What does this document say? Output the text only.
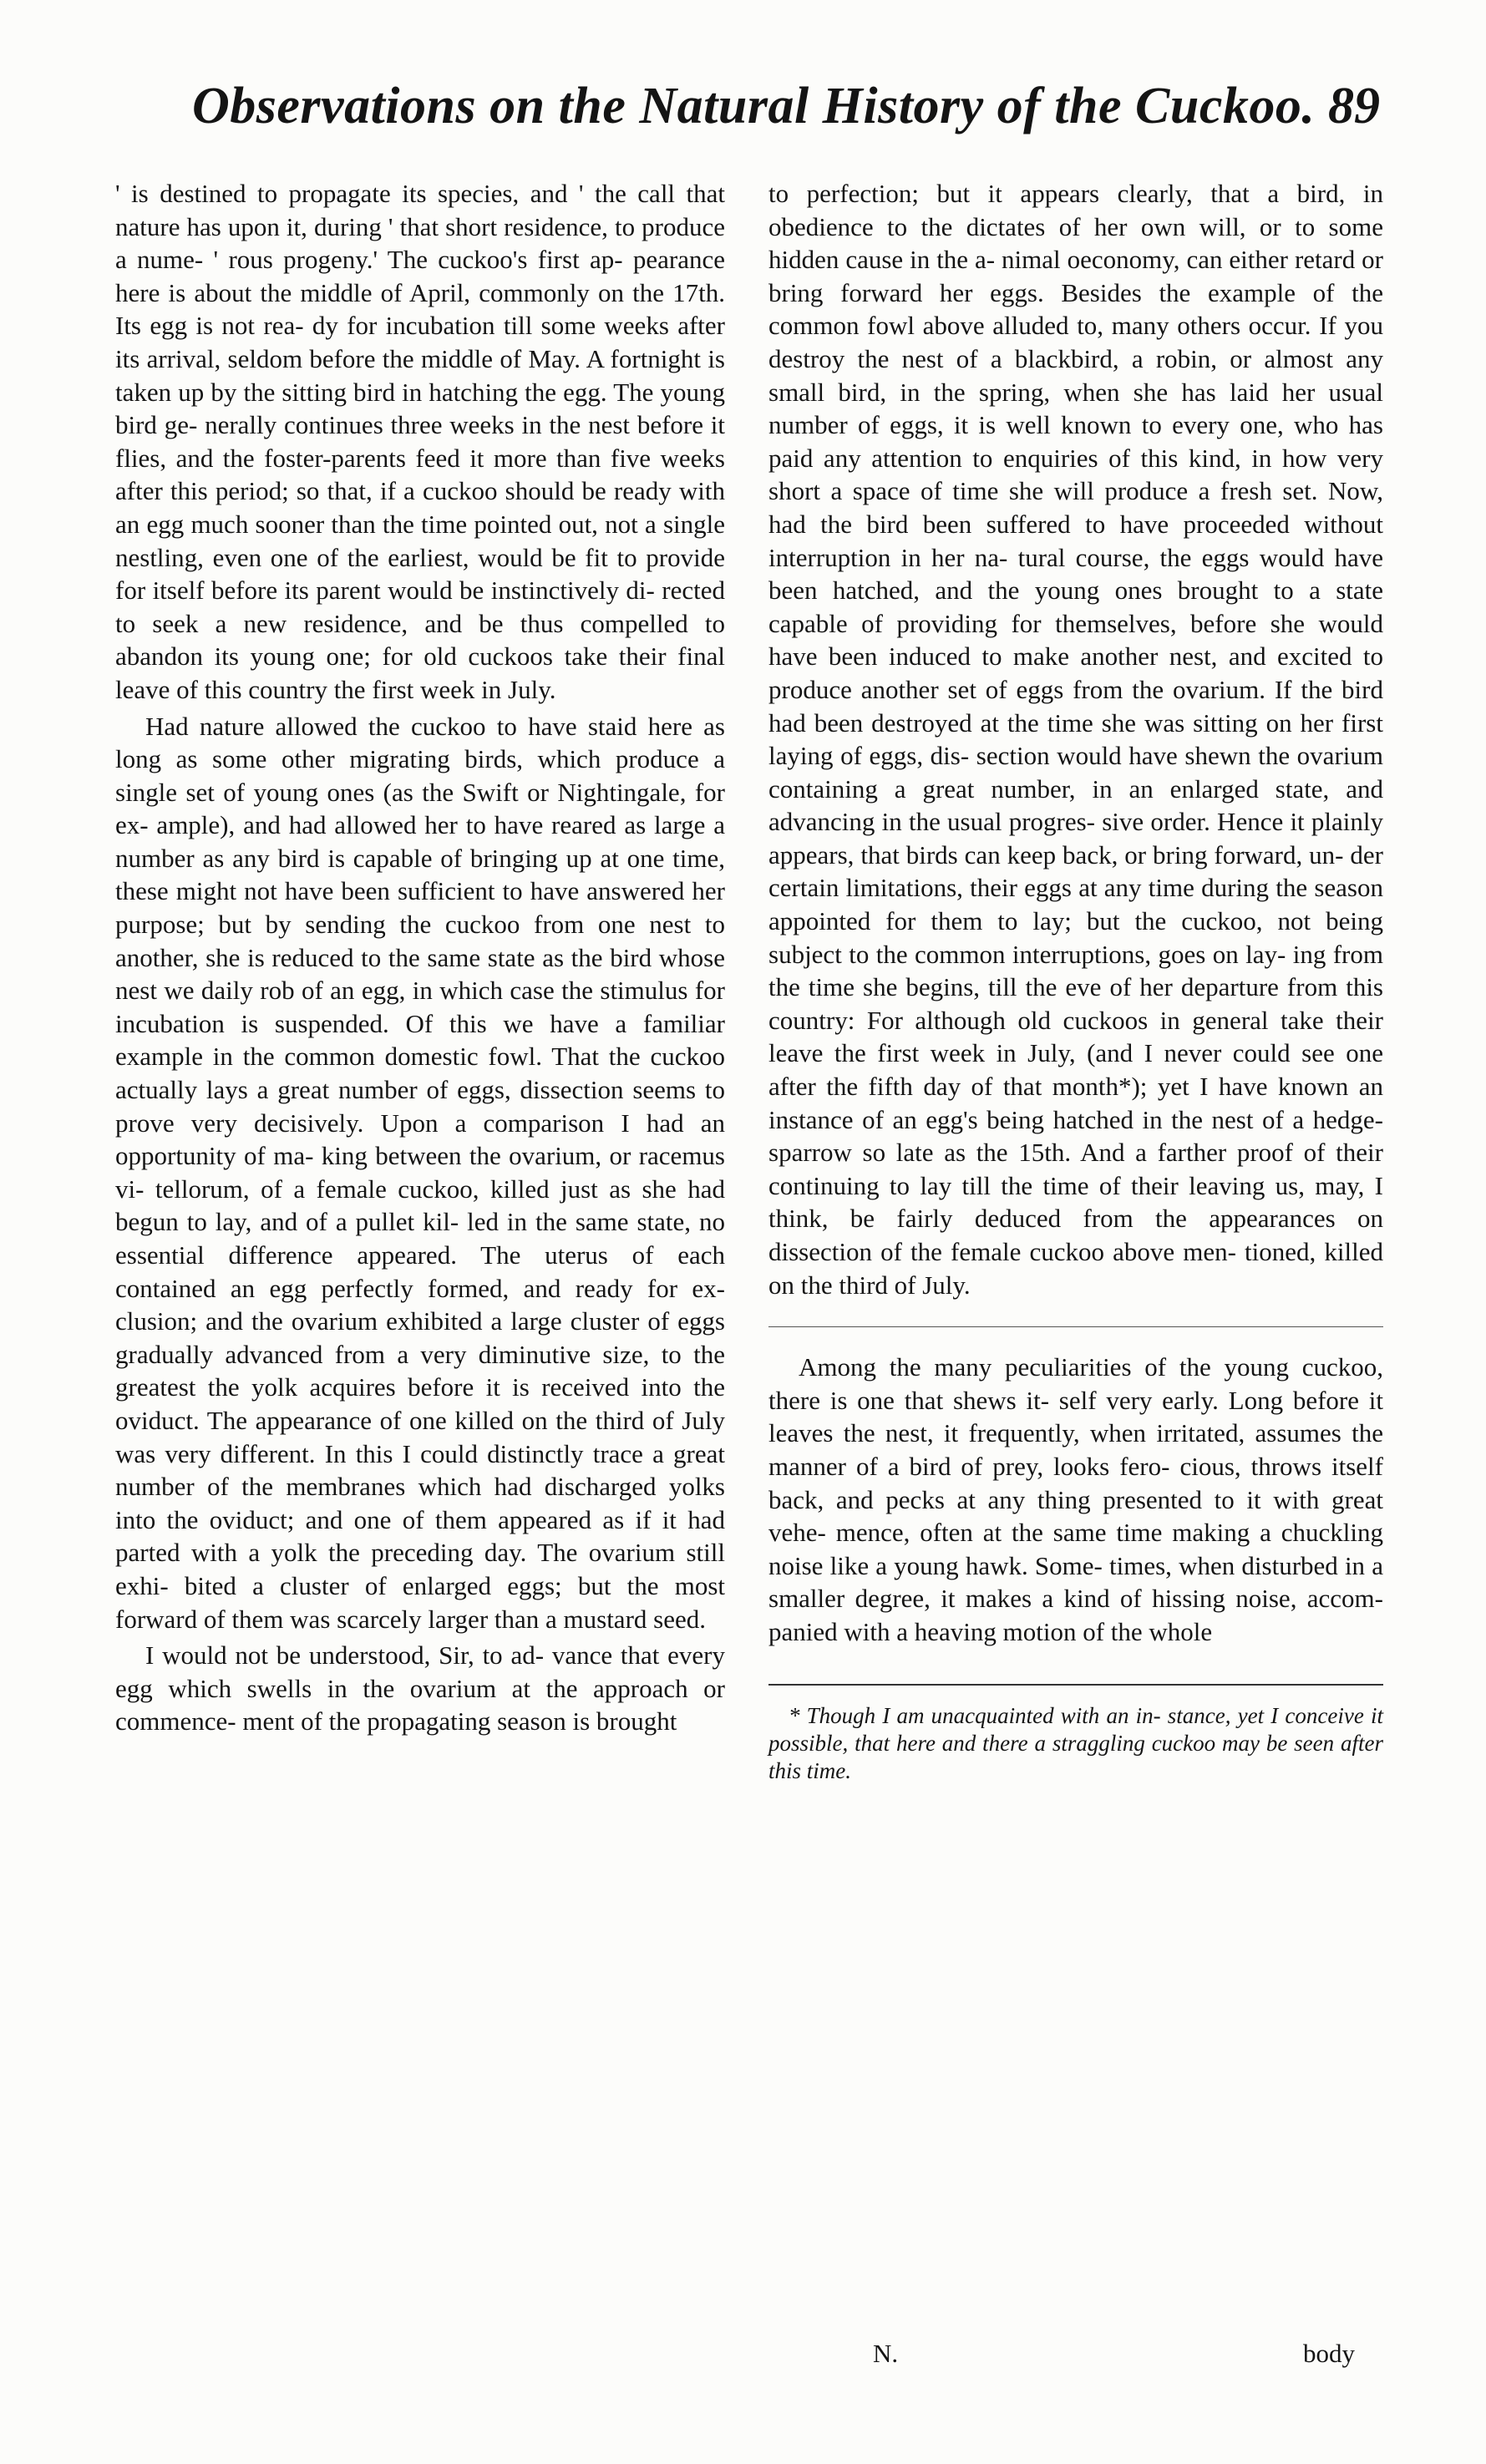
Observations on the Natural History of the Cuckoo. 89

' is destined to propagate its species, and ' the call that nature has upon it, during ' that short residence, to produce a nume- ' rous progeny.' The cuckoo's first ap- pearance here is about the middle of April, commonly on the 17th. Its egg is not rea- dy for incubation till some weeks after its arrival, seldom before the middle of May. A fortnight is taken up by the sitting bird in hatching the egg. The young bird ge- nerally continues three weeks in the nest before it flies, and the foster-parents feed it more than five weeks after this period; so that, if a cuckoo should be ready with an egg much sooner than the time pointed out, not a single nestling, even one of the earliest, would be fit to provide for itself before its parent would be instinctively di- rected to seek a new residence, and be thus compelled to abandon its young one; for old cuckoos take their final leave of this country the first week in July.

Had nature allowed the cuckoo to have staid here as long as some other migrating birds, which produce a single set of young ones (as the Swift or Nightingale, for ex- ample), and had allowed her to have reared as large a number as any bird is capable of bringing up at one time, these might not have been sufficient to have answered her purpose; but by sending the cuckoo from one nest to another, she is reduced to the same state as the bird whose nest we daily rob of an egg, in which case the stimulus for incubation is suspended. Of this we have a familiar example in the common domestic fowl. That the cuckoo actually lays a great number of eggs, dissection seems to prove very decisively. Upon a comparison I had an opportunity of ma- king between the ovarium, or racemus vi- tellorum, of a female cuckoo, killed just as she had begun to lay, and of a pullet kil- led in the same state, no essential difference appeared. The uterus of each contained an egg perfectly formed, and ready for ex- clusion; and the ovarium exhibited a large cluster of eggs gradually advanced from a very diminutive size, to the greatest the yolk acquires before it is received into the oviduct. The appearance of one killed on the third of July was very different. In this I could distinctly trace a great number of the membranes which had discharged yolks into the oviduct; and one of them appeared as if it had parted with a yolk the preceding day. The ovarium still exhi- bited a cluster of enlarged eggs; but the most forward of them was scarcely larger than a mustard seed.

I would not be understood, Sir, to ad- vance that every egg which swells in the ovarium at the approach or commence- ment of the propagating season is brought

to perfection; but it appears clearly, that a bird, in obedience to the dictates of her own will, or to some hidden cause in the a- nimal oeconomy, can either retard or bring forward her eggs. Besides the example of the common fowl above alluded to, many others occur. If you destroy the nest of a blackbird, a robin, or almost any small bird, in the spring, when she has laid her usual number of eggs, it is well known to every one, who has paid any attention to enquiries of this kind, in how very short a space of time she will produce a fresh set. Now, had the bird been suffered to have proceeded without interruption in her na- tural course, the eggs would have been hatched, and the young ones brought to a state capable of providing for themselves, before she would have been induced to make another nest, and excited to produce another set of eggs from the ovarium. If the bird had been destroyed at the time she was sitting on her first laying of eggs, dis- section would have shewn the ovarium containing a great number, in an enlarged state, and advancing in the usual progres- sive order. Hence it plainly appears, that birds can keep back, or bring forward, un- der certain limitations, their eggs at any time during the season appointed for them to lay; but the cuckoo, not being subject to the common interruptions, goes on lay- ing from the time she begins, till the eve of her departure from this country: For although old cuckoos in general take their leave the first week in July, (and I never could see one after the fifth day of that month*); yet I have known an instance of an egg's being hatched in the nest of a hedge-sparrow so late as the 15th. And a farther proof of their continuing to lay till the time of their leaving us, may, I think, be fairly deduced from the appearances on dissection of the female cuckoo above men- tioned, killed on the third of July.

Among the many peculiarities of the young cuckoo, there is one that shews it- self very early. Long before it leaves the nest, it frequently, when irritated, assumes the manner of a bird of prey, looks fero- cious, throws itself back, and pecks at any thing presented to it with great vehe- mence, often at the same time making a chuckling noise like a young hawk. Some- times, when disturbed in a smaller degree, it makes a kind of hissing noise, accom- panied with a heaving motion of the whole

* Though I am unacquainted with an in- stance, yet I conceive it possible, that here and there a straggling cuckoo may be seen after this time.

N.	body
